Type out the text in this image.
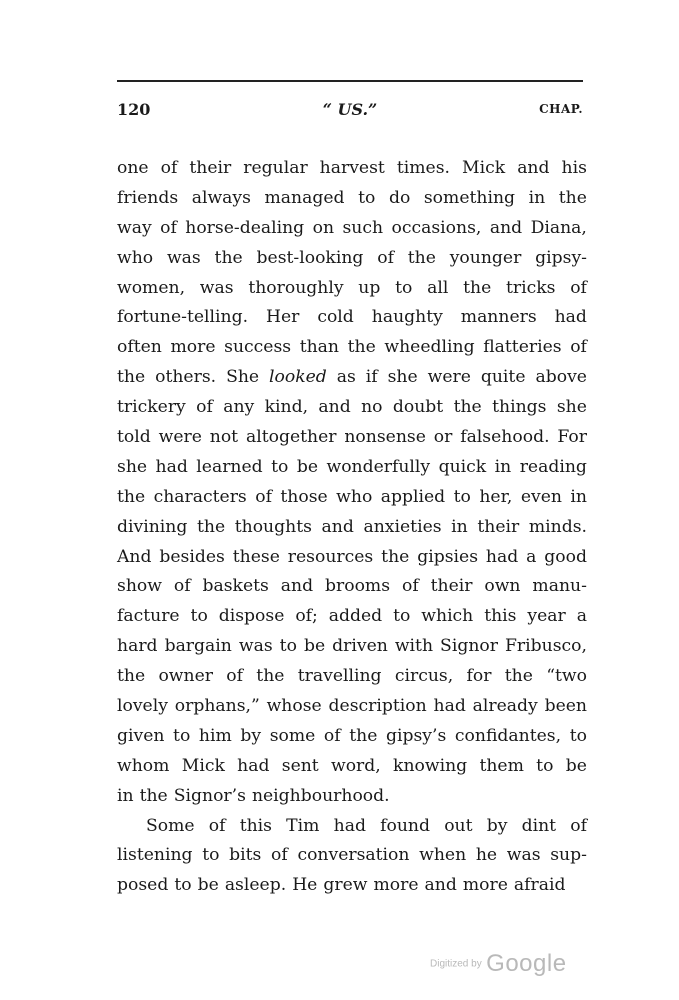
120	“ US.”	CHAP.
one of their regular harvest times. Mick and his
friends always managed to do something in the
way of horse-dealing on such occasions, and Diana,
who was the best-looking of the younger gipsy-
women, was thoroughly up to all the tricks of
fortune-telling. Her cold haughty manners had
often more success than the wheedling flatteries of
the others. She looked as if she were quite above
trickery of any kind, and no doubt the things she
told were not altogether nonsense or falsehood. For
she had learned to be wonderfully quick in reading
the characters of those who applied to her, even in
divining the thoughts and anxieties in their minds.
And besides these resources the gipsies had a good
show of baskets and brooms of their own manu-
facture to dispose of; added to which this year a
hard bargain was to be driven with Signor Fribusco,
the owner of the travelling circus, for the “two
lovely orphans,” whose description had already been
given to him by some of the gipsy’s confidantes, to
whom Mick had sent word, knowing them to be
in the Signor’s neighbourhood.
Some of this Tim had found out by dint of
listening to bits of conversation when he was sup-
posed to be asleep. He grew more and more afraid
Digitized by Google
